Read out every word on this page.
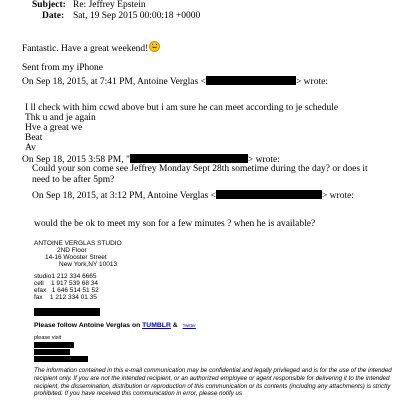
Subject: Re: Jeffrey Epstein
Date: Sat, 19 Sep 2015 00:00:18 +0000
Fantastic. Have a great weekend!
Sent from my iPhone
On Sep 18, 2015, at 7:41 PM, Antoine Verglas <	> wrote:
I ll check with him ccwd above but i am sure he can meet according to je schedule
Thk u and je again
Hve a great we
Beat
Av
On Sep 18, 2015 3:58 PM, "	> wrote:
Could your son come see Jeffrey Monday Sept 28th sometime during the day? or does it need to be after 5pm?
On Sep 18, 2015, at 3:12 PM, Antoine Verglas <	> wrote:
would the be ok to meet my son for a few minutes ? when he is available?
ANTOINE VERGLAS STUDIO
2ND Floor
14-16 Wooster Street
New York,NY 10013
studio1 212 334 6665
cell    1 917 539 68 34
efax   1 646 514 51 52
fax    1 212 334 01 35
Please follow Antoine Verglas on TUMBLR & Twitter
please visit
The information contained in this e-mail communication may be confidential and legally privileged and is for the use of the intended recipient only. If you are not the intended recipient, or an authorized employee or agent responsible for delivering it to the intended recipient, the dissemination, distribution or reproduction of this communication or its contents (including any attachments) is strictly prohibited. If you have received this communication in error, please notify us
